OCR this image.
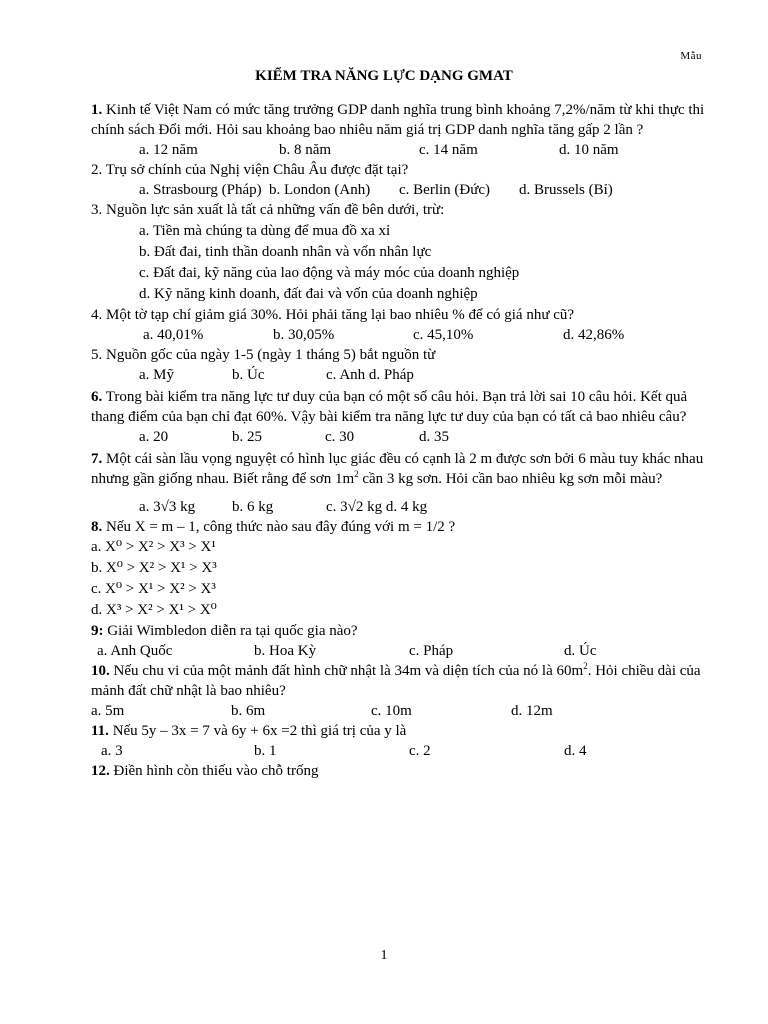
Mẫu
KIỂM TRA NĂNG LỰC DẠNG GMAT

1. Kinh tế Việt Nam có mức tăng trưởng GDP danh nghĩa trung bình khoảng 7,2%/năm từ khi thực thi chính sách Đổi mới. Hỏi sau khoảng bao nhiêu năm giá trị GDP danh nghĩa tăng gấp 2 lần ?

a. 12 năm	b. 8 năm	c. 14 năm	d. 10 năm

2. Trụ sở chính của Nghị viện Châu Âu được đặt tại?

a. Strasbourg (Pháp) b. London (Anh)	c. Berlin (Đức)	d. Brussels (Bỉ)

3. Nguồn lực sản xuất là tất cả những vấn đề bên dưới, trừ:

a. Tiền mà chúng ta dùng để mua đồ xa xỉ

b. Đất đai, tinh thần doanh nhân và vốn nhân lực

c. Đất đai, kỹ năng của lao động và máy móc của doanh nghiệp

d. Kỹ năng kinh doanh, đất đai và vốn của doanh nghiệp

4. Một tờ tạp chí giảm giá 30%. Hỏi phải tăng lại bao nhiêu % để có giá như cũ?

a. 40,01%	b. 30,05%	c. 45,10%	d. 42,86%

5. Nguồn gốc của ngày 1-5 (ngày 1 tháng 5) bắt nguồn từ

a. Mỹ	b. Úc	c. Anh d. Pháp

6. Trong bài kiểm tra năng lực tư duy của bạn có một số câu hỏi. Bạn trả lời sai 10 câu hỏi. Kết quả thang điểm của bạn chỉ đạt 60%. Vậy bài kiểm tra năng lực tư duy của bạn có tất cả bao nhiêu câu?

a. 20	b. 25	c. 30	d. 35

7. Một cái sàn lầu vọng nguyệt có hình lục giác đều có cạnh là 2 m được sơn bởi 6 màu tuy khác nhau nhưng gần giống nhau. Biết rằng để sơn $1m^2$ cần 3 kg sơn. Hỏi cần bao nhiêu kg sơn mỗi màu?

a. 3√3 kg	b. 6 kg	c. 3√2 kg d. 4 kg

8. Nếu X = m – 1, công thức nào sau đây đúng với m = 1/2 ?

a. X⁰ > X² > X³ > X¹

b. X⁰ > X² > X¹ > X³

c. X⁰ > X¹ > X² > X³

d. X³ > X² > X¹ > X⁰

9: Giải Wimbledon diễn ra tại quốc gia nào?

a. Anh Quốc	b. Hoa Kỳ	c. Pháp	d. Úc

10. Nếu chu vi của một mảnh đất hình chữ nhật là 34m và diện tích của nó là $60m^2$. Hỏi chiều dài của mảnh đất chữ nhật là bao nhiêu?

a. 5m	b. 6m	c. 10m	d. 12m

11. Nếu 5y – 3x = 7 và 6y + 6x =2 thì giá trị của y là

a. 3	b. 1	c. 2	d. 4

12. Điền hình còn thiếu vào chỗ trống

1
